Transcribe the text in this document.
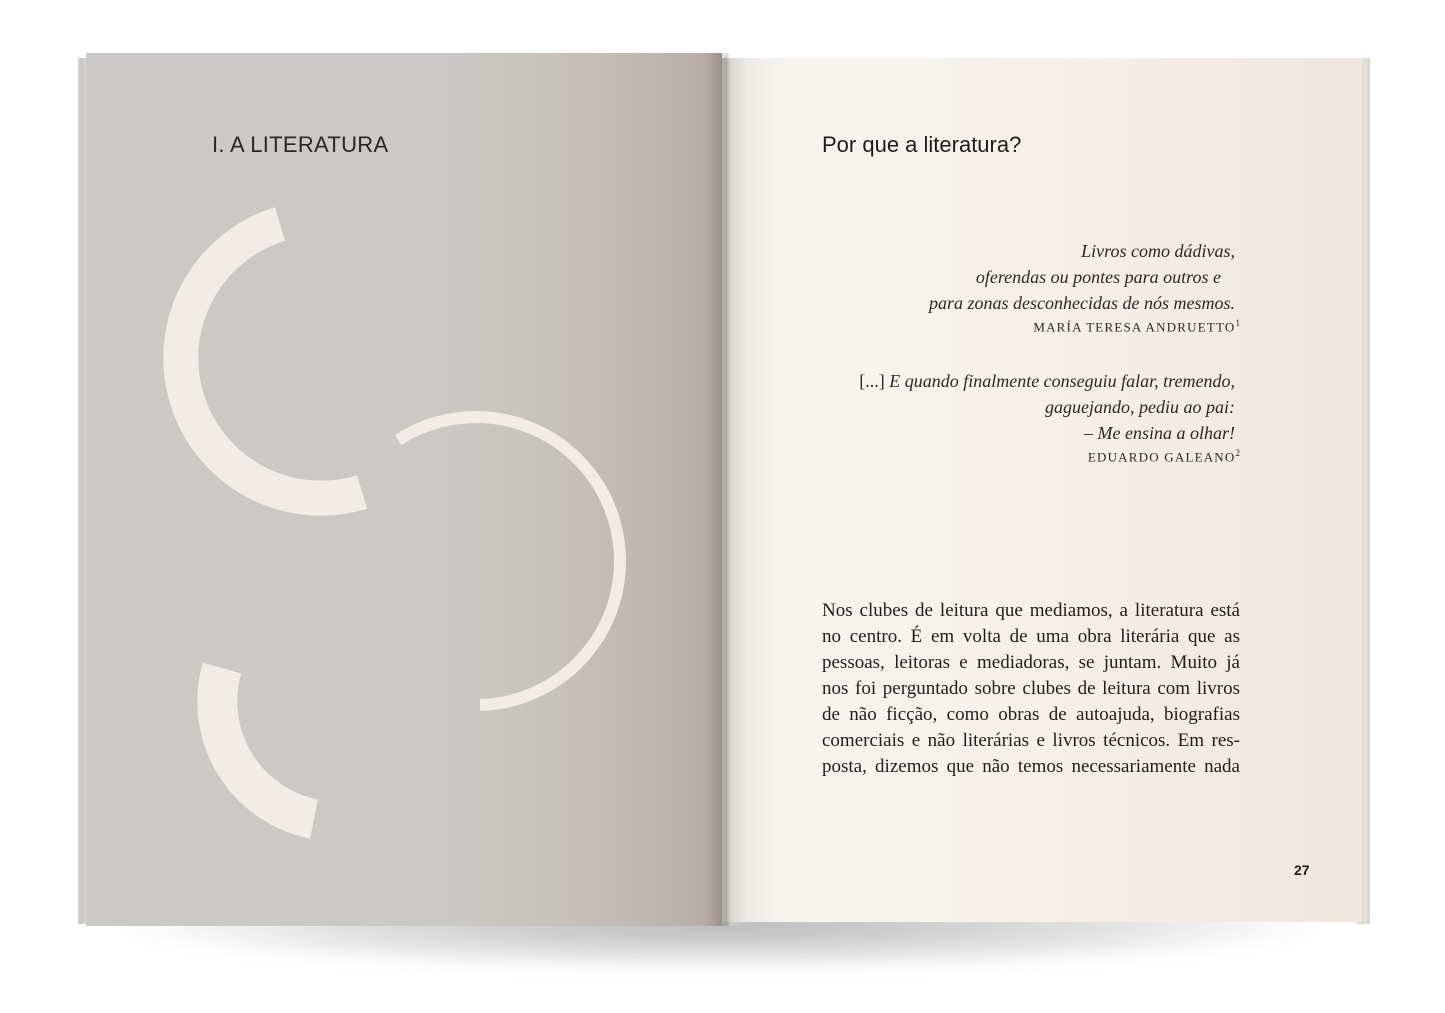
I. A LITERATURA	Por que a literatura?
Livros como dádivas,
oferendas ou pontes para outros e
para zonas desconhecidas de nós mesmos.
MARÍA TERESA ANDRUETTO$^1$
[...] E quando finalmente conseguiu falar, tremendo,
gaguejando, pediu ao pai:
– Me ensina a olhar!
EDUARDO GALEANO$^2$
Nos clubes de leitura que mediamos, a literatura está
no centro. É em volta de uma obra literária que as
pessoas, leitoras e mediadoras, se juntam. Muito já
nos foi perguntado sobre clubes de leitura com livros
de não ficção, como obras de autoajuda, biografias
comerciais e não literárias e livros técnicos. Em res-
posta, dizemos que não temos necessariamente nada
27
